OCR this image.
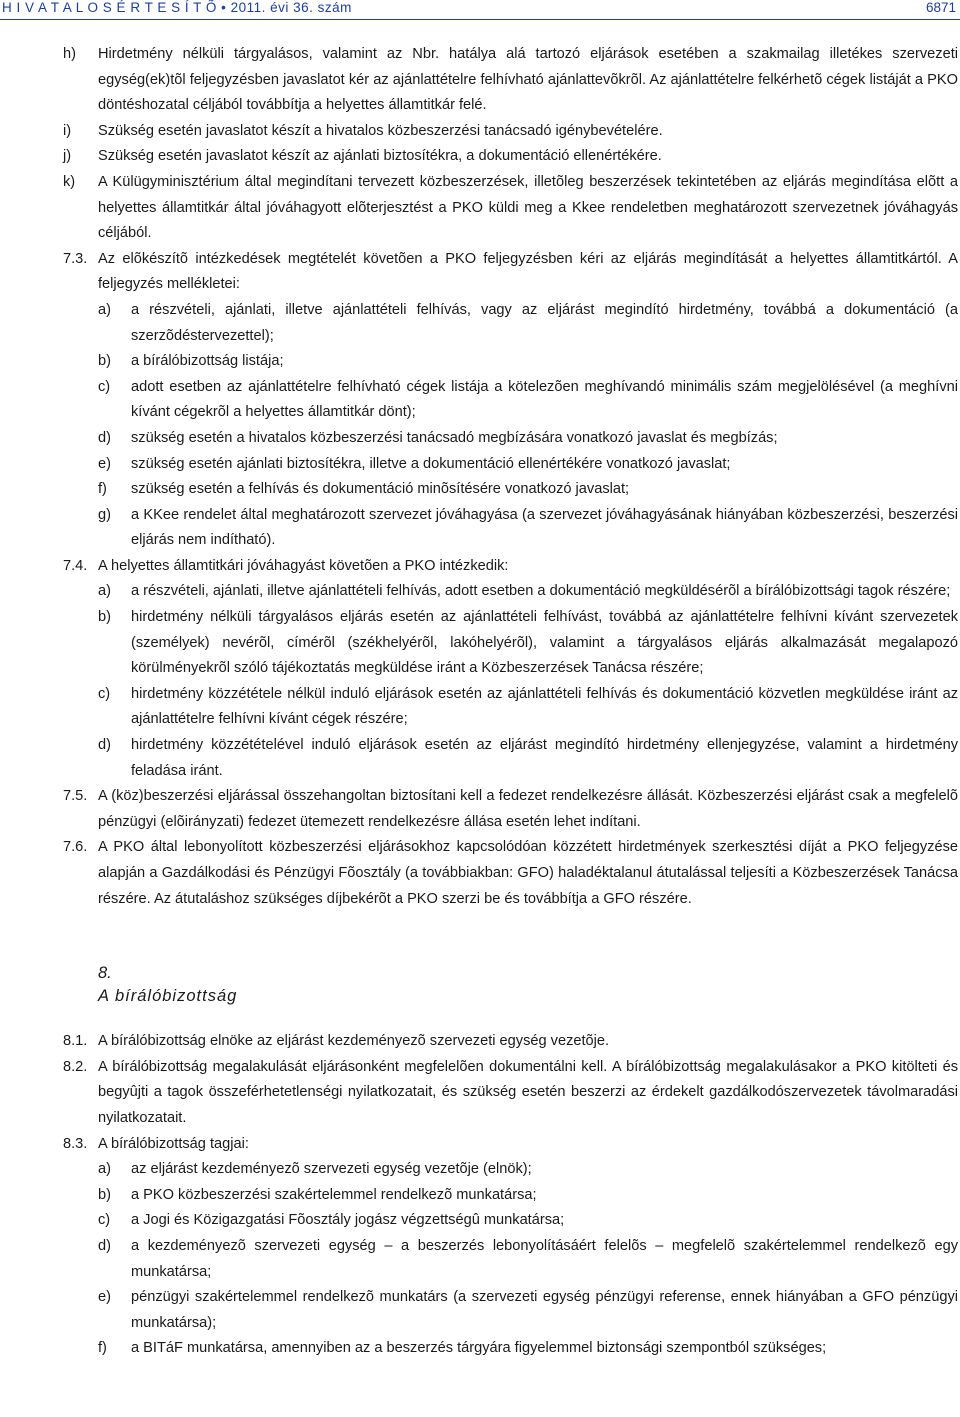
H I V A T A L O S É R T E S Í T Õ • 2011. évi 36. szám	6871
h) Hirdetmény nélküli tárgyalásos, valamint az Nbr. hatálya alá tartozó eljárások esetében a szakmailag illetékes szervezeti egység(ek)tõl feljegyzésben javaslatot kér az ajánlattételre felhívható ajánlattevõkrõl. Az ajánlattételre felkérhetõ cégek listáját a PKO döntéshozatal céljából továbbítja a helyettes államtitkár felé.
i) Szükség esetén javaslatot készít a hivatalos közbeszerzési tanácsadó igénybevételére.
j) Szükség esetén javaslatot készít az ajánlati biztosítékra, a dokumentáció ellenértékére.
k) A Külügyminisztérium által megindítani tervezett közbeszerzések, illetõleg beszerzések tekintetében az eljárás megindítása elõtt a helyettes államtitkár által jóváhagyott elõterjesztést a PKO küldi meg a Kkee rendeletben meghatározott szervezetnek jóváhagyás céljából.
7.3. Az elõkészítõ intézkedések megtételét követõen a PKO feljegyzésben kéri az eljárás megindítását a helyettes államtitkártól. A feljegyzés mellékletei:
a) a részvételi, ajánlati, illetve ajánlattételi felhívás, vagy az eljárást megindító hirdetmény, továbbá a dokumentáció (a szerzõdéstervezettel);
b) a bírálóbizottság listája;
c) adott esetben az ajánlattételre felhívható cégek listája a kötelezõen meghívandó minimális szám megjelölésével (a meghívni kívánt cégekrõl a helyettes államtitkár dönt);
d) szükség esetén a hivatalos közbeszerzési tanácsadó megbízására vonatkozó javaslat és megbízás;
e) szükség esetén ajánlati biztosítékra, illetve a dokumentáció ellenértékére vonatkozó javaslat;
f) szükség esetén a felhívás és dokumentáció minõsítésére vonatkozó javaslat;
g) a KKee rendelet által meghatározott szervezet jóváhagyása (a szervezet jóváhagyásának hiányában közbeszerzési, beszerzési eljárás nem indítható).
7.4. A helyettes államtitkári jóváhagyást követõen a PKO intézkedik:
a) a részvételi, ajánlati, illetve ajánlattételi felhívás, adott esetben a dokumentáció megküldésérõl a bírálóbizottsági tagok részére;
b) hirdetmény nélküli tárgyalásos eljárás esetén az ajánlattételi felhívást, továbbá az ajánlattételre felhívni kívánt szervezetek (személyek) nevérõl, címérõl (székhelyérõl, lakóhelyérõl), valamint a tárgyalásos eljárás alkalmazását megalapozó körülményekrõl szóló tájékoztatás megküldése iránt a Közbeszerzések Tanácsa részére;
c) hirdetmény közzététele nélkül induló eljárások esetén az ajánlattételi felhívás és dokumentáció közvetlen megküldése iránt az ajánlattételre felhívni kívánt cégek részére;
d) hirdetmény közzétételével induló eljárások esetén az eljárást megindító hirdetmény ellenjegyzése, valamint a hirdetmény feladása iránt.
7.5. A (köz)beszerzési eljárással összehangoltan biztosítani kell a fedezet rendelkezésre állását. Közbeszerzési eljárást csak a megfelelõ pénzügyi (elõirányzati) fedezet ütemezett rendelkezésre állása esetén lehet indítani.
7.6. A PKO által lebonyolított közbeszerzési eljárásokhoz kapcsolódóan közzétett hirdetmények szerkesztési díját a PKO feljegyzése alapján a Gazdálkodási és Pénzügyi Fõosztály (a továbbiakban: GFO) haladéktalanul átutalással teljesíti a Közbeszerzések Tanácsa részére. Az átutaláshoz szükséges díjbekérõt a PKO szerzi be és továbbítja a GFO részére.
8.
A bírálóbizottság
8.1. A bírálóbizottság elnöke az eljárást kezdeményezõ szervezeti egység vezetõje.
8.2. A bírálóbizottság megalakulását eljárásonként megfelelõen dokumentálni kell. A bírálóbizottság megalakulásakor a PKO kitölteti és begyûjti a tagok összeférhetetlenségi nyilatkozatait, és szükség esetén beszerzi az érdekelt gazdálkodószervezetek távolmaradási nyilatkozatait.
8.3. A bírálóbizottság tagjai:
a) az eljárást kezdeményezõ szervezeti egység vezetõje (elnök);
b) a PKO közbeszerzési szakértelemmel rendelkezõ munkatársa;
c) a Jogi és Közigazgatási Fõosztály jogász végzettségû munkatársa;
d) a kezdeményezõ szervezeti egység – a beszerzés lebonyolításáért felelõs – megfelelõ szakértelemmel rendelkezõ egy munkatársa;
e) pénzügyi szakértelemmel rendelkezõ munkatárs (a szervezeti egység pénzügyi referense, ennek hiányában a GFO pénzügyi munkatársa);
f) a BITáF munkatársa, amennyiben az a beszerzés tárgyára figyelemmel biztonsági szempontból szükséges;
